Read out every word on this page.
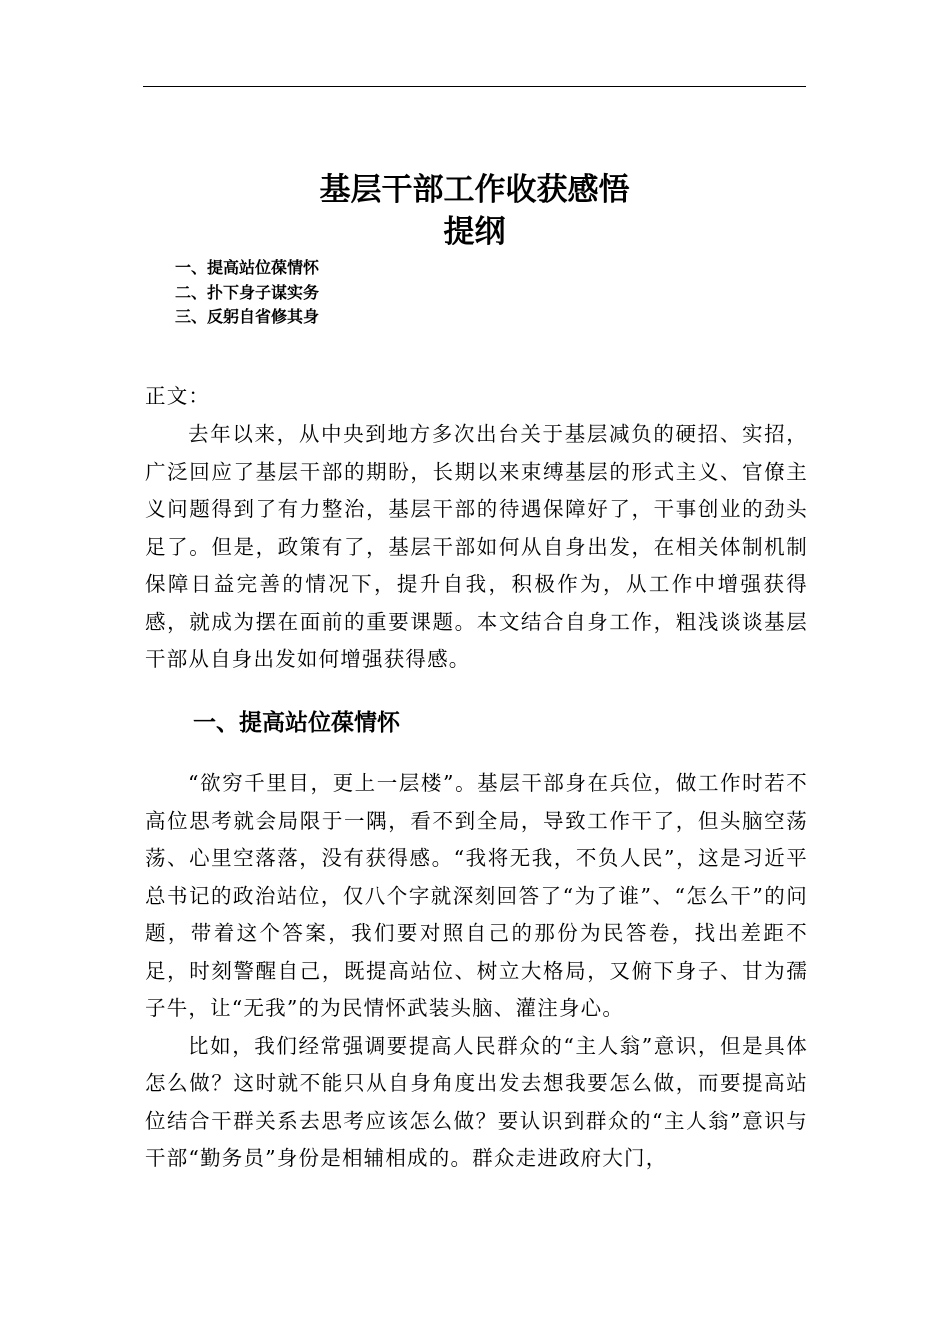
基层干部工作收获感悟
提纲
一、提高站位葆情怀
二、扑下身子谋实务
三、反躬自省修其身
正文：

去年以来，从中央到地方多次出台关于基层减负的硬招、实招，广泛回应了基层干部的期盼，长期以来束缚基层的形式主义、官僚主义问题得到了有力整治，基层干部的待遇保障好了，干事创业的劲头足了。但是，政策有了，基层干部如何从自身出发，在相关体制机制保障日益完善的情况下，提升自我，积极作为，从工作中增强获得感，就成为摆在面前的重要课题。本文结合自身工作，粗浅谈谈基层干部从自身出发如何增强获得感。

一、提高站位葆情怀

“欲穷千里目，更上一层楼”。基层干部身在兵位，做工作时若不高位思考就会局限于一隅，看不到全局，导致工作干了，但头脑空荡荡、心里空落落，没有获得感。“我将无我，不负人民”，这是习近平总书记的政治站位，仅八个字就深刻回答了“为了谁”、“怎么干”的问题，带着这个答案，我们要对照自己的那份为民答卷，找出差距不足，时刻警醒自己，既提高站位、树立大格局，又俯下身子、甘为孺子牛，让“无我”的为民情怀武装头脑、灌注身心。

比如，我们经常强调要提高人民群众的“主人翁”意识，但是具体怎么做？这时就不能只从自身角度出发去想我要怎么做，而要提高站位结合干群关系去思考应该怎么做？要认识到群众的“主人翁”意识与干部“勤务员”身份是相辅相成的。群众走进政府大门，
